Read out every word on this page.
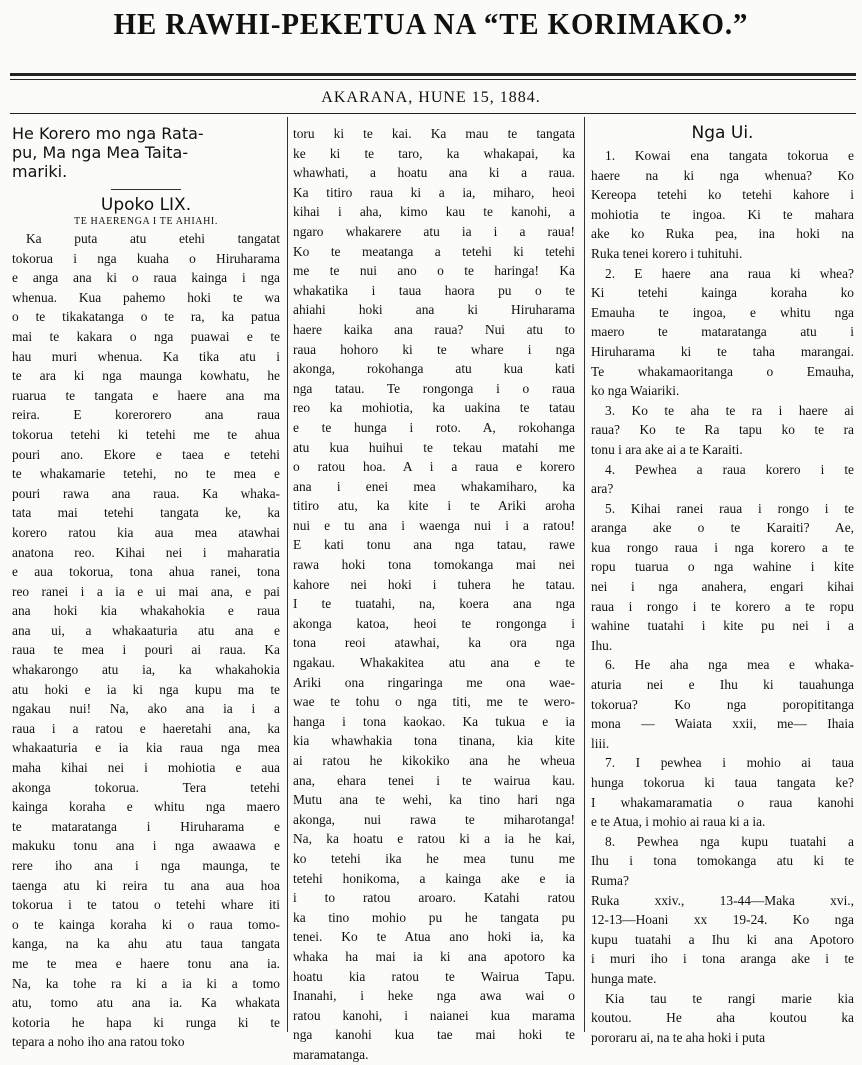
HE RAWHI-PEKETUA NA “TE KORIMAKO.”
AKARANA, HUNE 15, 1884.
He Korero mo nga Rata-
pu, Ma nga Mea Taita-
mariki.
Upoko LIX.
TE HAERENGA I TE AHIAHI.
Ka puta atu etehi tangatat
tokorua i nga kuaha o Hiruharama
e anga ana ki o raua kainga i nga
whenua. Kua pahemo hoki te wa
o te tikakatanga o te ra, ka patua
mai te kakara o nga puawai e te
hau muri whenua. Ka tika atu i
te ara ki nga maunga kowhatu, he
ruarua te tangata e haere ana ma
reira. E korerorero ana raua
tokorua tetehi ki tetehi me te ahua
pouri ano. Ekore e taea e tetehi
te whakamarie tetehi, no te mea e
pouri rawa ana raua. Ka whaka-
tata mai tetehi tangata ke, ka
korero ratou kia aua mea atawhai
anatona reo. Kihai nei i maharatia
e aua tokorua, tona ahua ranei, tona
reo ranei i a ia e ui mai ana, e pai
ana hoki kia whakahokia e raua
ana ui, a whakaaturia atu ana e
raua te mea i pouri ai raua. Ka
whakarongo atu ia, ka whakahokia
atu hoki e ia ki nga kupu ma te
ngakau nui! Na, ako ana ia i a
raua i a ratou e haeretahi ana, ka
whakaaturia e ia kia raua nga mea
maha kihai nei i mohiotia e aua
akonga tokorua. Tera tetehi
kainga koraha e whitu nga maero
te mataratanga i Hiruharama e
makuku tonu ana i nga awaawa e
rere iho ana i nga maunga, te
taenga atu ki reira tu ana aua hoa
tokorua i te tatou o tetehi whare iti
o te kainga koraha ki o raua tomo-
kanga, na ka ahu atu taua tangata
me te mea e haere tonu ana ia.
Na, ka tohe ra ki a ia ki a tomo
atu, tomo atu ana ia. Ka whakata
kotoria he hapa ki runga ki te
tepara a noho iho ana ratou toko
toru ki te kai. Ka mau te tangata
ke ki te taro, ka whakapai, ka
whawhati, a hoatu ana ki a raua.
Ka titiro raua ki a ia, miharo, heoi
kihai i aha, kimo kau te kanohi, a
ngaro whakarere atu ia i a raua!
Ko te meatanga a tetehi ki tetehi
me te nui ano o te haringa! Ka
whakatika i taua haora pu o te
ahiahi hoki ana ki Hiruharama
haere kaika ana raua? Nui atu to
raua hohoro ki te whare i nga
akonga, rokohanga atu kua kati
nga tatau. Te rongonga i o raua
reo ka mohiotia, ka uakina te tatau
e te hunga i roto. A, rokohanga
atu kua huihui te tekau matahi me
o ratou hoa. A i a raua e korero
ana i enei mea whakamiharo, ka
titiro atu, ka kite i te Ariki aroha
nui e tu ana i waenga nui i a ratou!
E kati tonu ana nga tatau, rawe
rawa hoki tona tomokanga mai nei
kahore nei hoki i tuhera he tatau.
I te tuatahi, na, koera ana nga
akonga katoa, heoi te rongonga i
tona reoi atawhai, ka ora nga
ngakau. Whakakitea atu ana e te
Ariki ona ringaringa me ona wae-
wae te tohu o nga titi, me te wero-
hanga i tona kaokao. Ka tukua e ia
kia whawhakia tona tinana, kia kite
ai ratou he kikokiko ana he wheua
ana, ehara tenei i te wairua kau.
Mutu ana te wehi, ka tino hari nga
akonga, nui rawa te miharotanga!
Na, ka hoatu e ratou ki a ia he kai,
ko tetehi ika he mea tunu me
tetehi honikoma, a kainga ake e ia
i to ratou aroaro. Katahi ratou
ka tino mohio pu he tangata pu
tenei. Ko te Atua ano hoki ia, ka
whaka ha mai ia ki ana apotoro ka
hoatu kia ratou te Wairua Tapu.
Inanahi, i heke nga awa wai o
ratou kanohi, i naianei kua marama
nga kanohi kua tae mai hoki te
maramatanga.
Nga Ui.
1. Kowai ena tangata tokorua e
haere na ki nga whenua? Ko
Kereopa tetehi ko tetehi kahore i
mohiotia te ingoa. Ki te mahara
ake ko Ruka pea, ina hoki na
Ruka tenei korero i tuhituhi.
2. E haere ana raua ki whea?
Ki tetehi kainga koraha ko
Emauha te ingoa, e whitu nga
maero te mataratanga atu i
Hiruharama ki te taha marangai.
Te whakamaoritanga o Emauha,
ko nga Waiariki.
3. Ko te aha te ra i haere ai
raua? Ko te Ra tapu ko te ra
tonu i ara ake ai a te Karaiti.
4. Pewhea a raua korero i te
ara?
5. Kihai ranei raua i rongo i te
aranga ake o te Karaiti? Ae,
kua rongo raua i nga korero a te
ropu tuarua o nga wahine i kite
nei i nga anahera, engari kihai
raua i rongo i te korero a te ropu
wahine tuatahi i kite pu nei i a
Ihu.
6. He aha nga mea e whaka-
aturia nei e Ihu ki tauahunga
tokorua? Ko nga poropititanga
mona — Waiata xxii, me— Ihaia
liii.
7. I pewhea i mohio ai taua
hunga tokorua ki taua tangata ke?
I whakamaramatia o raua kanohi
e te Atua, i mohio ai raua ki a ia.
8. Pewhea nga kupu tuatahi a
Ihu i tona tomokanga atu ki te
Ruma?
Ruka xxiv., 13-44—Maka xvi.,
12-13—Hoani xx 19-24. Ko nga
kupu tuatahi a Ihu ki ana Apotoro
i muri iho i tona aranga ake i te
hunga mate.
Kia tau te rangi marie kia
koutou. He aha koutou ka
pororaru ai, na te aha hoki i puta
